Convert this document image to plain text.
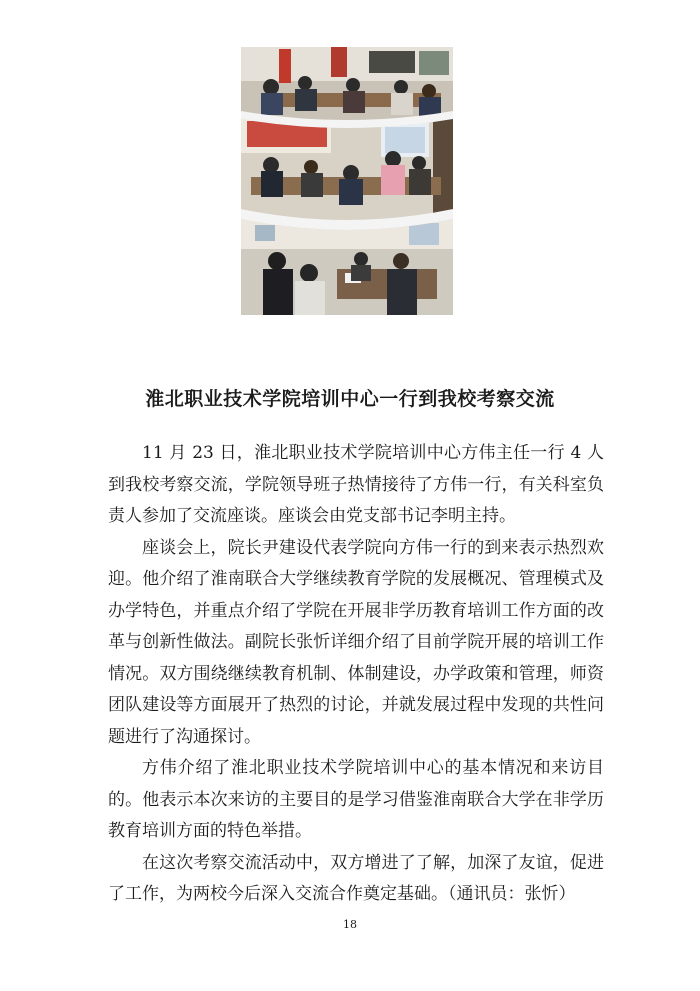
淮北职业技术学院培训中心一行到我校考察交流

11 月 23 日，淮北职业技术学院培训中心方伟主任一行 4 人到我校考察交流，学院领导班子热情接待了方伟一行，有关科室负责人参加了交流座谈。座谈会由党支部书记李明主持。

座谈会上，院长尹建设代表学院向方伟一行的到来表示热烈欢迎。他介绍了淮南联合大学继续教育学院的发展概况、管理模式及办学特色，并重点介绍了学院在开展非学历教育培训工作方面的改革与创新性做法。副院长张忻详细介绍了目前学院开展的培训工作情况。双方围绕继续教育机制、体制建设，办学政策和管理，师资团队建设等方面展开了热烈的讨论，并就发展过程中发现的共性问题进行了沟通探讨。

方伟介绍了淮北职业技术学院培训中心的基本情况和来访目的。他表示本次来访的主要目的是学习借鉴淮南联合大学在非学历教育培训方面的特色举措。

在这次考察交流活动中，双方增进了了解，加深了友谊，促进了工作，为两校今后深入交流合作奠定基础。（通讯员：张忻）

18
